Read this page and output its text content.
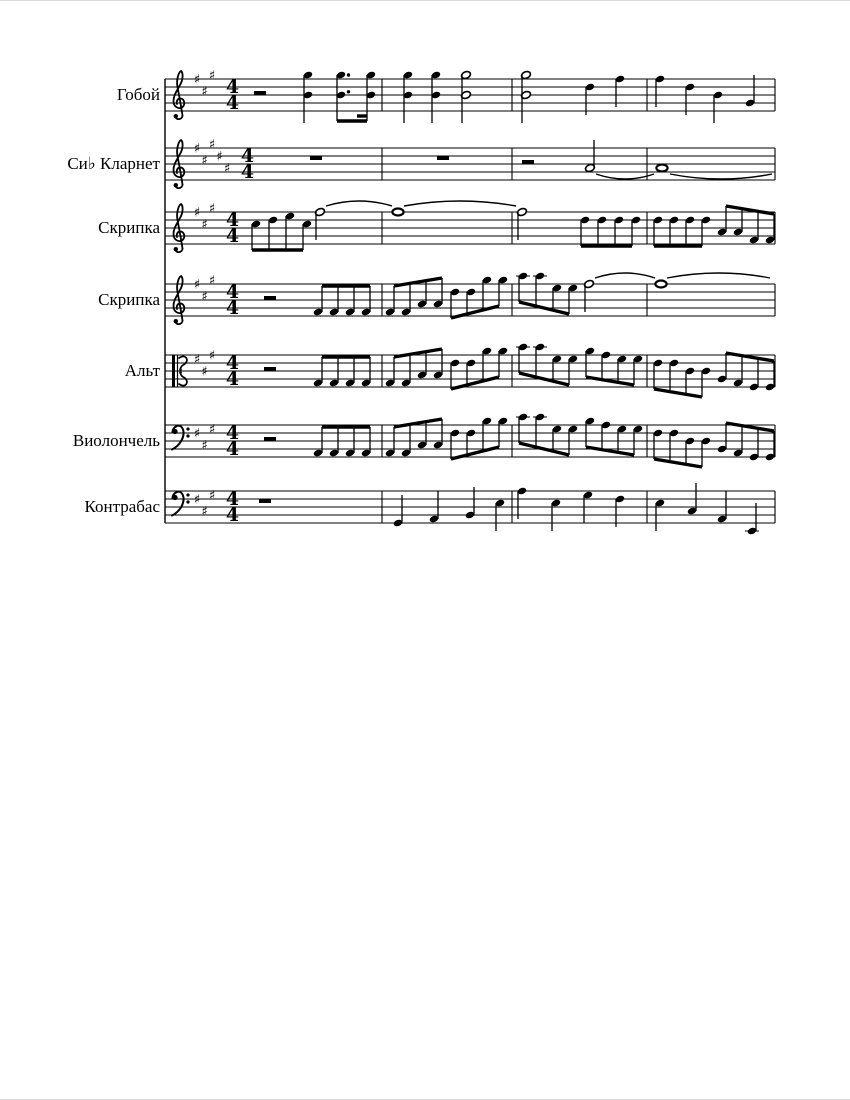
Гобой
Си♭ Кларнет
Скрипка
Скрипка
Альт
Виолончель
Контрабас
♯
♯
♯ 4
4
♯
♯
♯
♯
♯
4
4
♯
♯
♯ 4
4
♯
♯
♯ 4
4
♯
♯
♯ 4
4
♯
♯
♯ 4
4
♯
♯
♯ 4
4
